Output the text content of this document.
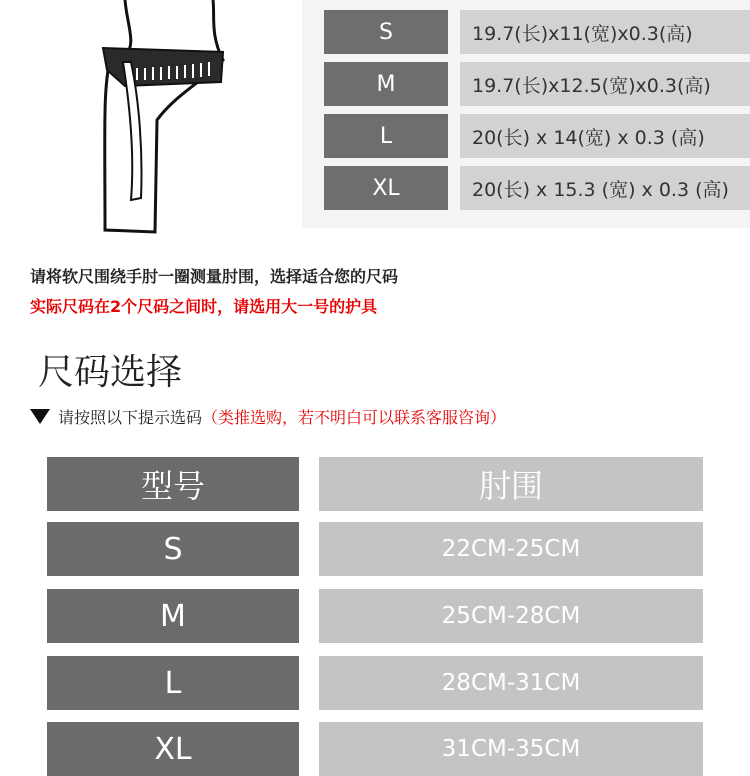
S	19.7(长)x11(宽)x0.3(高)
M	19.7(长)x12.5(宽)x0.3(高)
L	20(长) x 14(宽) x 0.3 (高)
XL	20(长) x 15.3 (宽) x 0.3 (高)
请将软尺围绕手肘一圈测量肘围，选择适合您的尺码
实际尺码在2个尺码之间时，请选用大一号的护具
尺码选择
请按照以下提示选码（类推选购，若不明白可以联系客服咨询）
型号	肘围
S	22CM-25CM
M	25CM-28CM
L	28CM-31CM
XL	31CM-35CM
